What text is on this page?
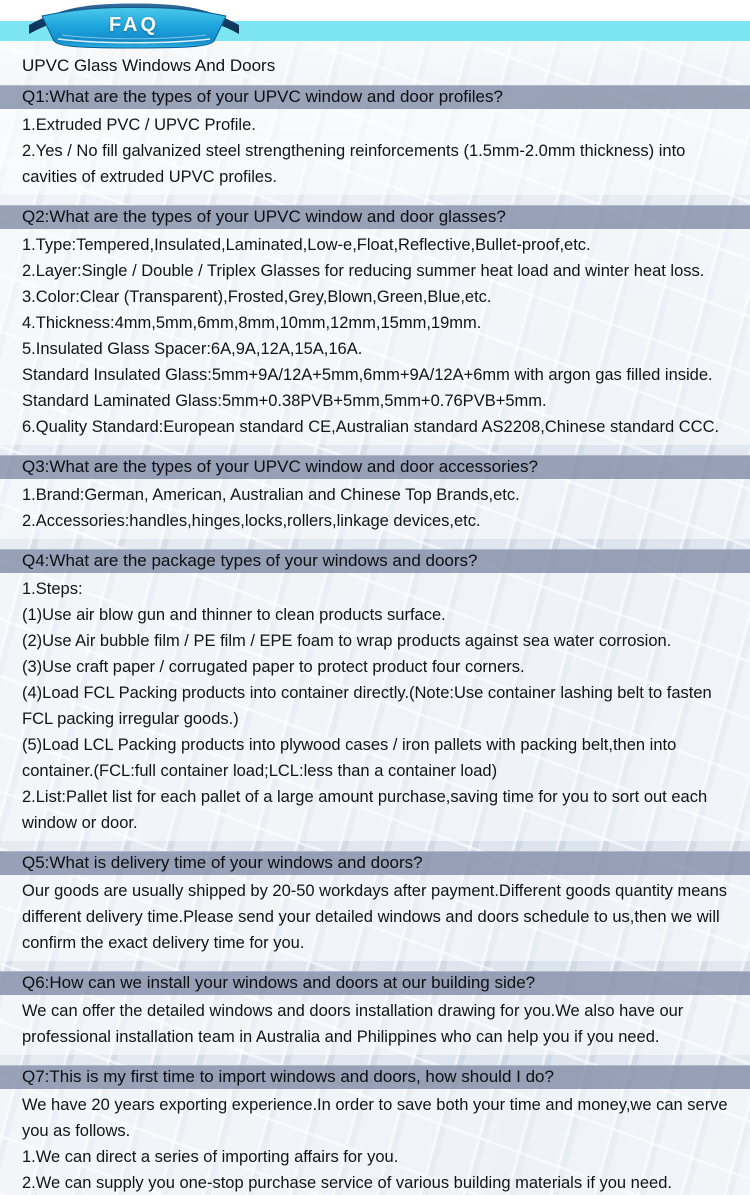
FAQ
UPVC Glass Windows And Doors
Q1:What are the types of your UPVC window and door profiles?

1.Extruded PVC / UPVC Profile.

2.Yes / No fill galvanized steel strengthening reinforcements (1.5mm-2.0mm thickness) into cavities of extruded UPVC profiles.

Q2:What are the types of your UPVC window and door glasses?

1.Type:Tempered,Insulated,Laminated,Low-e,Float,Reflective,Bullet-proof,etc.

2.Layer:Single / Double / Triplex Glasses for reducing summer heat load and winter heat loss.

3.Color:Clear (Transparent),Frosted,Grey,Blown,Green,Blue,etc.

4.Thickness:4mm,5mm,6mm,8mm,10mm,12mm,15mm,19mm.

5.Insulated Glass Spacer:6A,9A,12A,15A,16A.

Standard Insulated Glass:5mm+9A/12A+5mm,6mm+9A/12A+6mm with argon gas filled inside.

Standard Laminated Glass:5mm+0.38PVB+5mm,5mm+0.76PVB+5mm.

6.Quality Standard:European standard CE,Australian standard AS2208,Chinese standard CCC.

Q3:What are the types of your UPVC window and door accessories?

1.Brand:German, American, Australian and Chinese Top Brands,etc.

2.Accessories:handles,hinges,locks,rollers,linkage devices,etc.

Q4:What are the package types of your windows and doors?

1.Steps:

(1)Use air blow gun and thinner to clean products surface.

(2)Use Air bubble film / PE film / EPE foam to wrap products against sea water corrosion.

(3)Use craft paper / corrugated paper to protect product four corners.

(4)Load FCL Packing products into container directly.(Note:Use container lashing belt to fasten FCL packing irregular goods.)

(5)Load LCL Packing products into plywood cases / iron pallets with packing belt,then into container.(FCL:full container load;LCL:less than a container load)

2.List:Pallet list for each pallet of a large amount purchase,saving time for you to sort out each window or door.

Q5:What is delivery time of your windows and doors?

Our goods are usually shipped by 20-50 workdays after payment.Different goods quantity means different delivery time.Please send your detailed windows and doors schedule to us,then we will confirm the exact delivery time for you.

Q6:How can we install your windows and doors at our building side?

We can offer the detailed windows and doors installation drawing for you.We also have our professional installation team in Australia and Philippines who can help you if you need.

Q7:This is my first time to import windows and doors, how should I do?

We have 20 years exporting experience.In order to save both your time and money,we can serve you as follows.

1.We can direct a series of importing affairs for you.

2.We can supply you one-stop purchase service of various building materials if you need.
